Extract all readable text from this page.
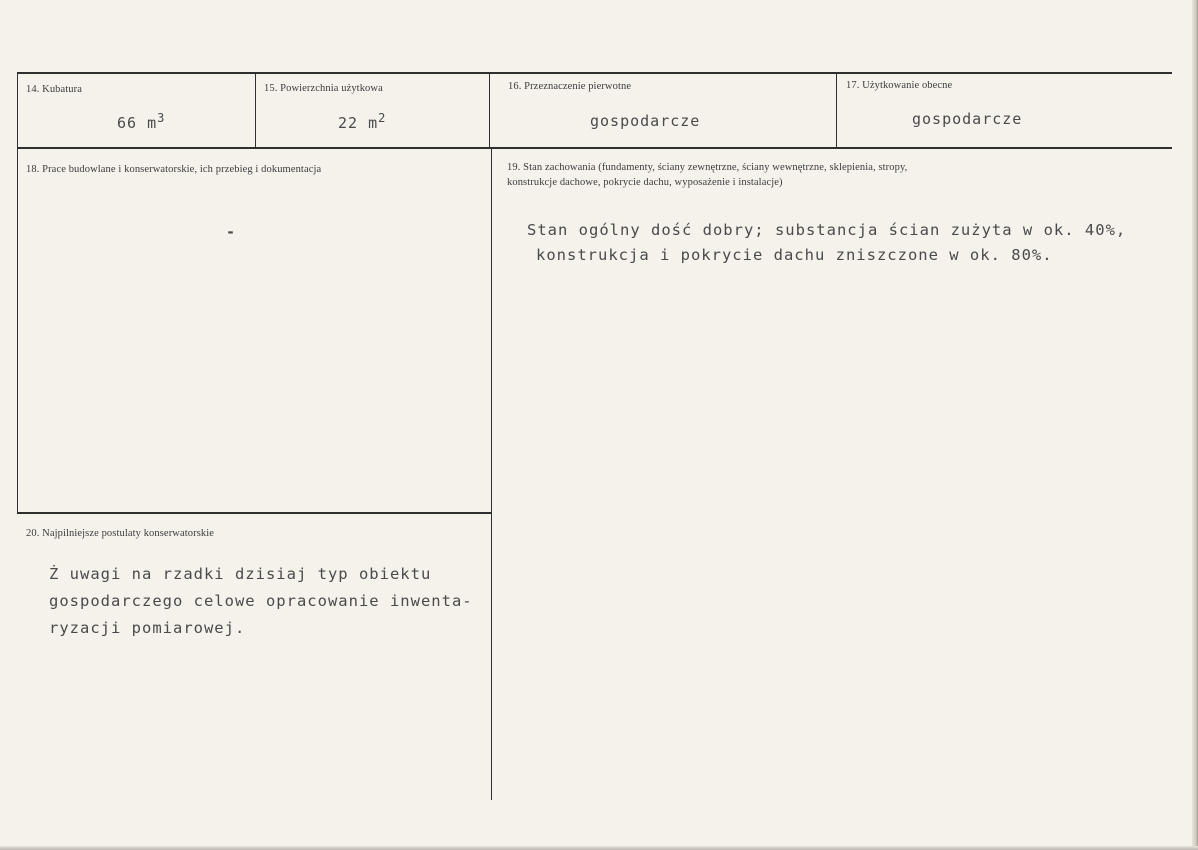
14. Kubatura
66 $m^3$
15. Powierzchnia użytkowa
22 $m^2$
16. Przeznaczenie pierwotne
gospodarcze
17. Użytkowanie obecne
gospodarcze
18. Prace budowlane i konserwatorskie, ich przebieg i dokumentacja
-
19. Stan zachowania (fundamenty, ściany zewnętrzne, ściany wewnętrzne, sklepienia, stropy,
konstrukcje dachowe, pokrycie dachu, wyposażenie i instalacje)
Stan ogólny dość dobry; substancja ścian zużyta w ok. 40%,
konstrukcja i pokrycie dachu zniszczone w ok. 80%.
20. Najpilniejsze postulaty konserwatorskie
Ż uwagi na rzadki dzisiaj typ obiektu
gospodarczego celowe opracowanie inwenta-
ryzacji pomiarowej.
